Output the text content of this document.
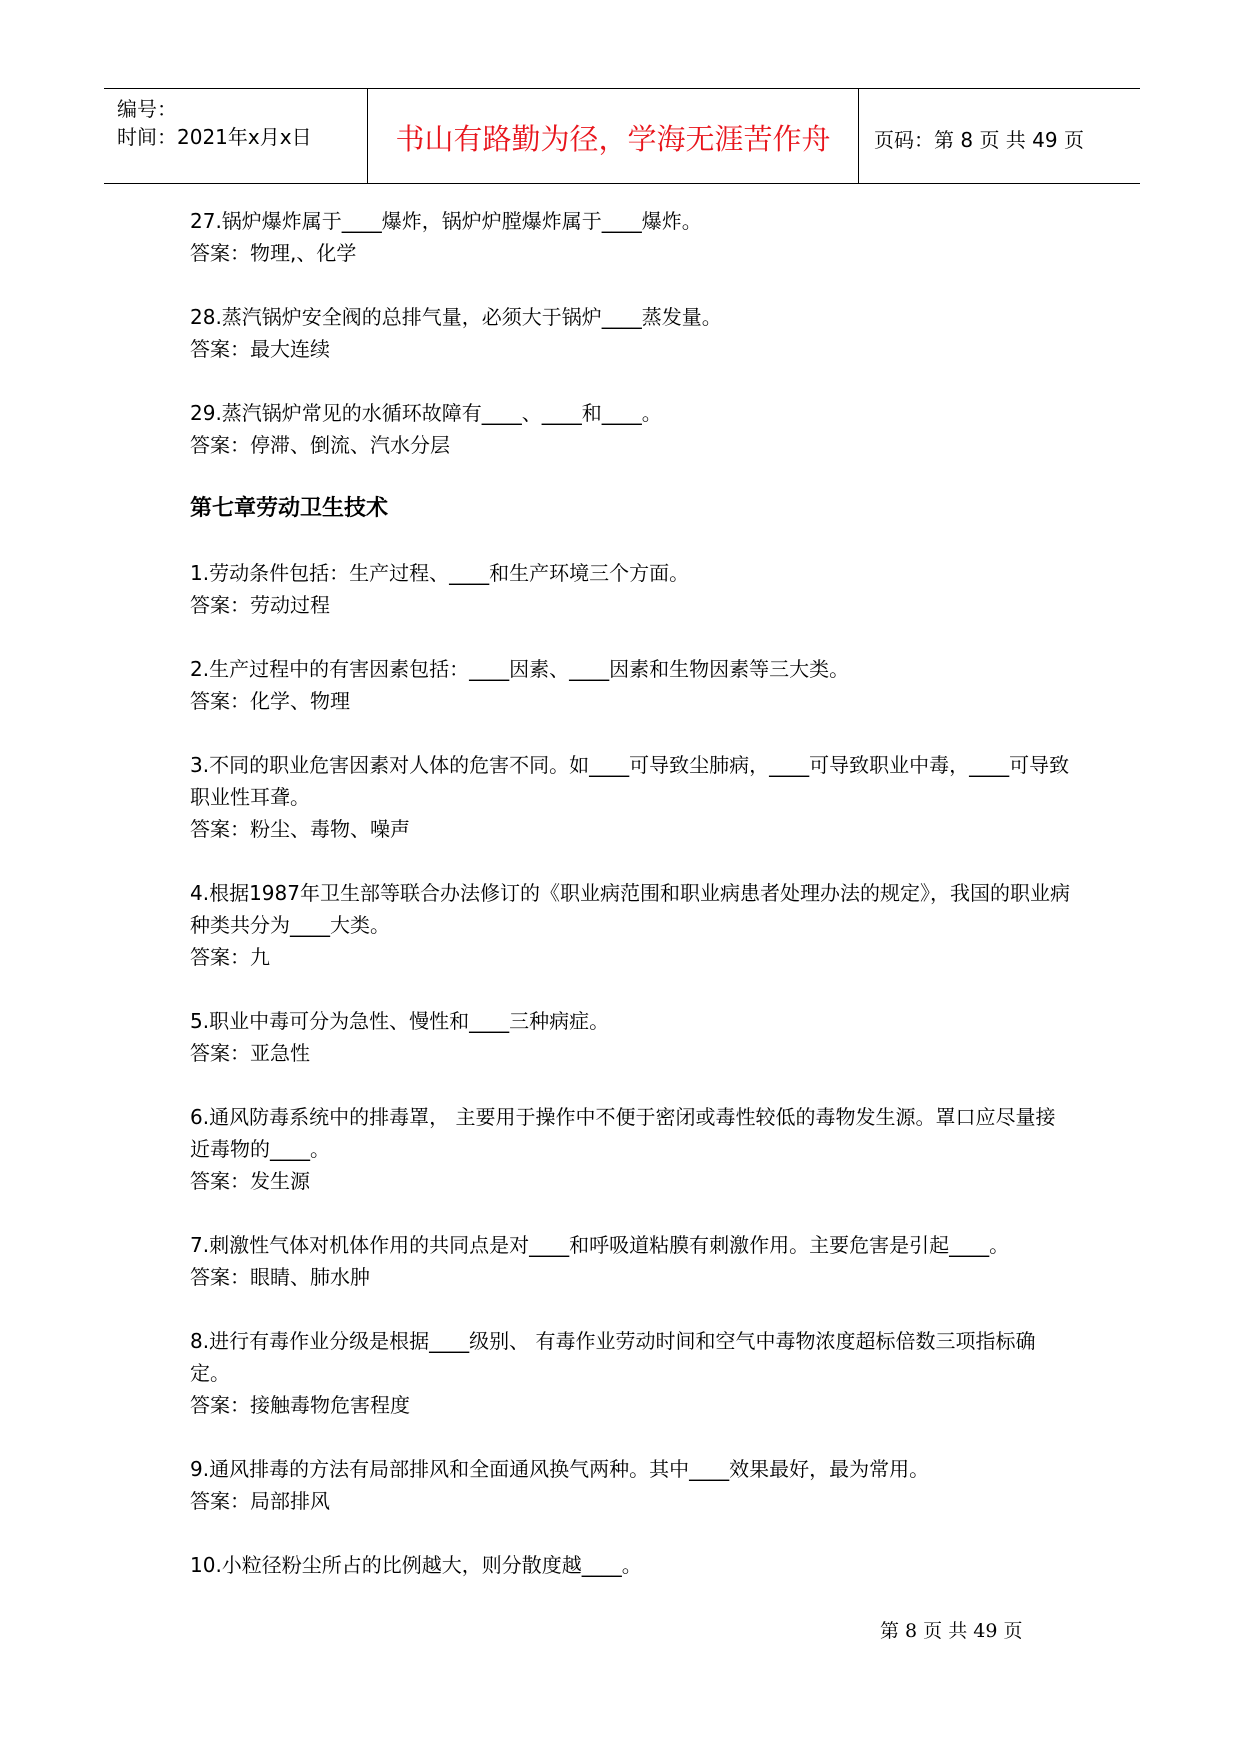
编号：
时间：2021年x月x日	书山有路勤为径，学海无涯苦作舟	页码：第 8 页 共 49 页
27.锅炉爆炸属于____爆炸，锅炉炉膛爆炸属于____爆炸。
答案：物理,、化学
28.蒸汽锅炉安全阀的总排气量，必须大于锅炉____蒸发量。
答案：最大连续
29.蒸汽锅炉常见的水循环故障有____、____和____。
答案：停滞、倒流、汽水分层
第七章劳动卫生技术
1.劳动条件包括：生产过程、____和生产环境三个方面。
答案：劳动过程
2.生产过程中的有害因素包括：____因素、____因素和生物因素等三大类。
答案：化学、物理
3.不同的职业危害因素对人体的危害不同。如____可导致尘肺病，____可导致职业中毒，____可导致职业性耳聋。
答案：粉尘、毒物、噪声
4.根据1987年卫生部等联合办法修订的《职业病范围和职业病患者处理办法的规定》，我国的职业病种类共分为____大类。
答案：九
5.职业中毒可分为急性、慢性和____三种病症。
答案：亚急性
6.通风防毒系统中的排毒罩， 主要用于操作中不便于密闭或毒性较低的毒物发生源。罩口应尽量接近毒物的____。
答案：发生源
7.刺激性气体对机体作用的共同点是对____和呼吸道粘膜有刺激作用。主要危害是引起____。
答案：眼睛、肺水肿
8.进行有毒作业分级是根据____级别、 有毒作业劳动时间和空气中毒物浓度超标倍数三项指标确定。
答案：接触毒物危害程度
9.通风排毒的方法有局部排风和全面通风换气两种。其中____效果最好，最为常用。
答案：局部排风
10.小粒径粉尘所占的比例越大，则分散度越____。
第 8 页 共 49 页
